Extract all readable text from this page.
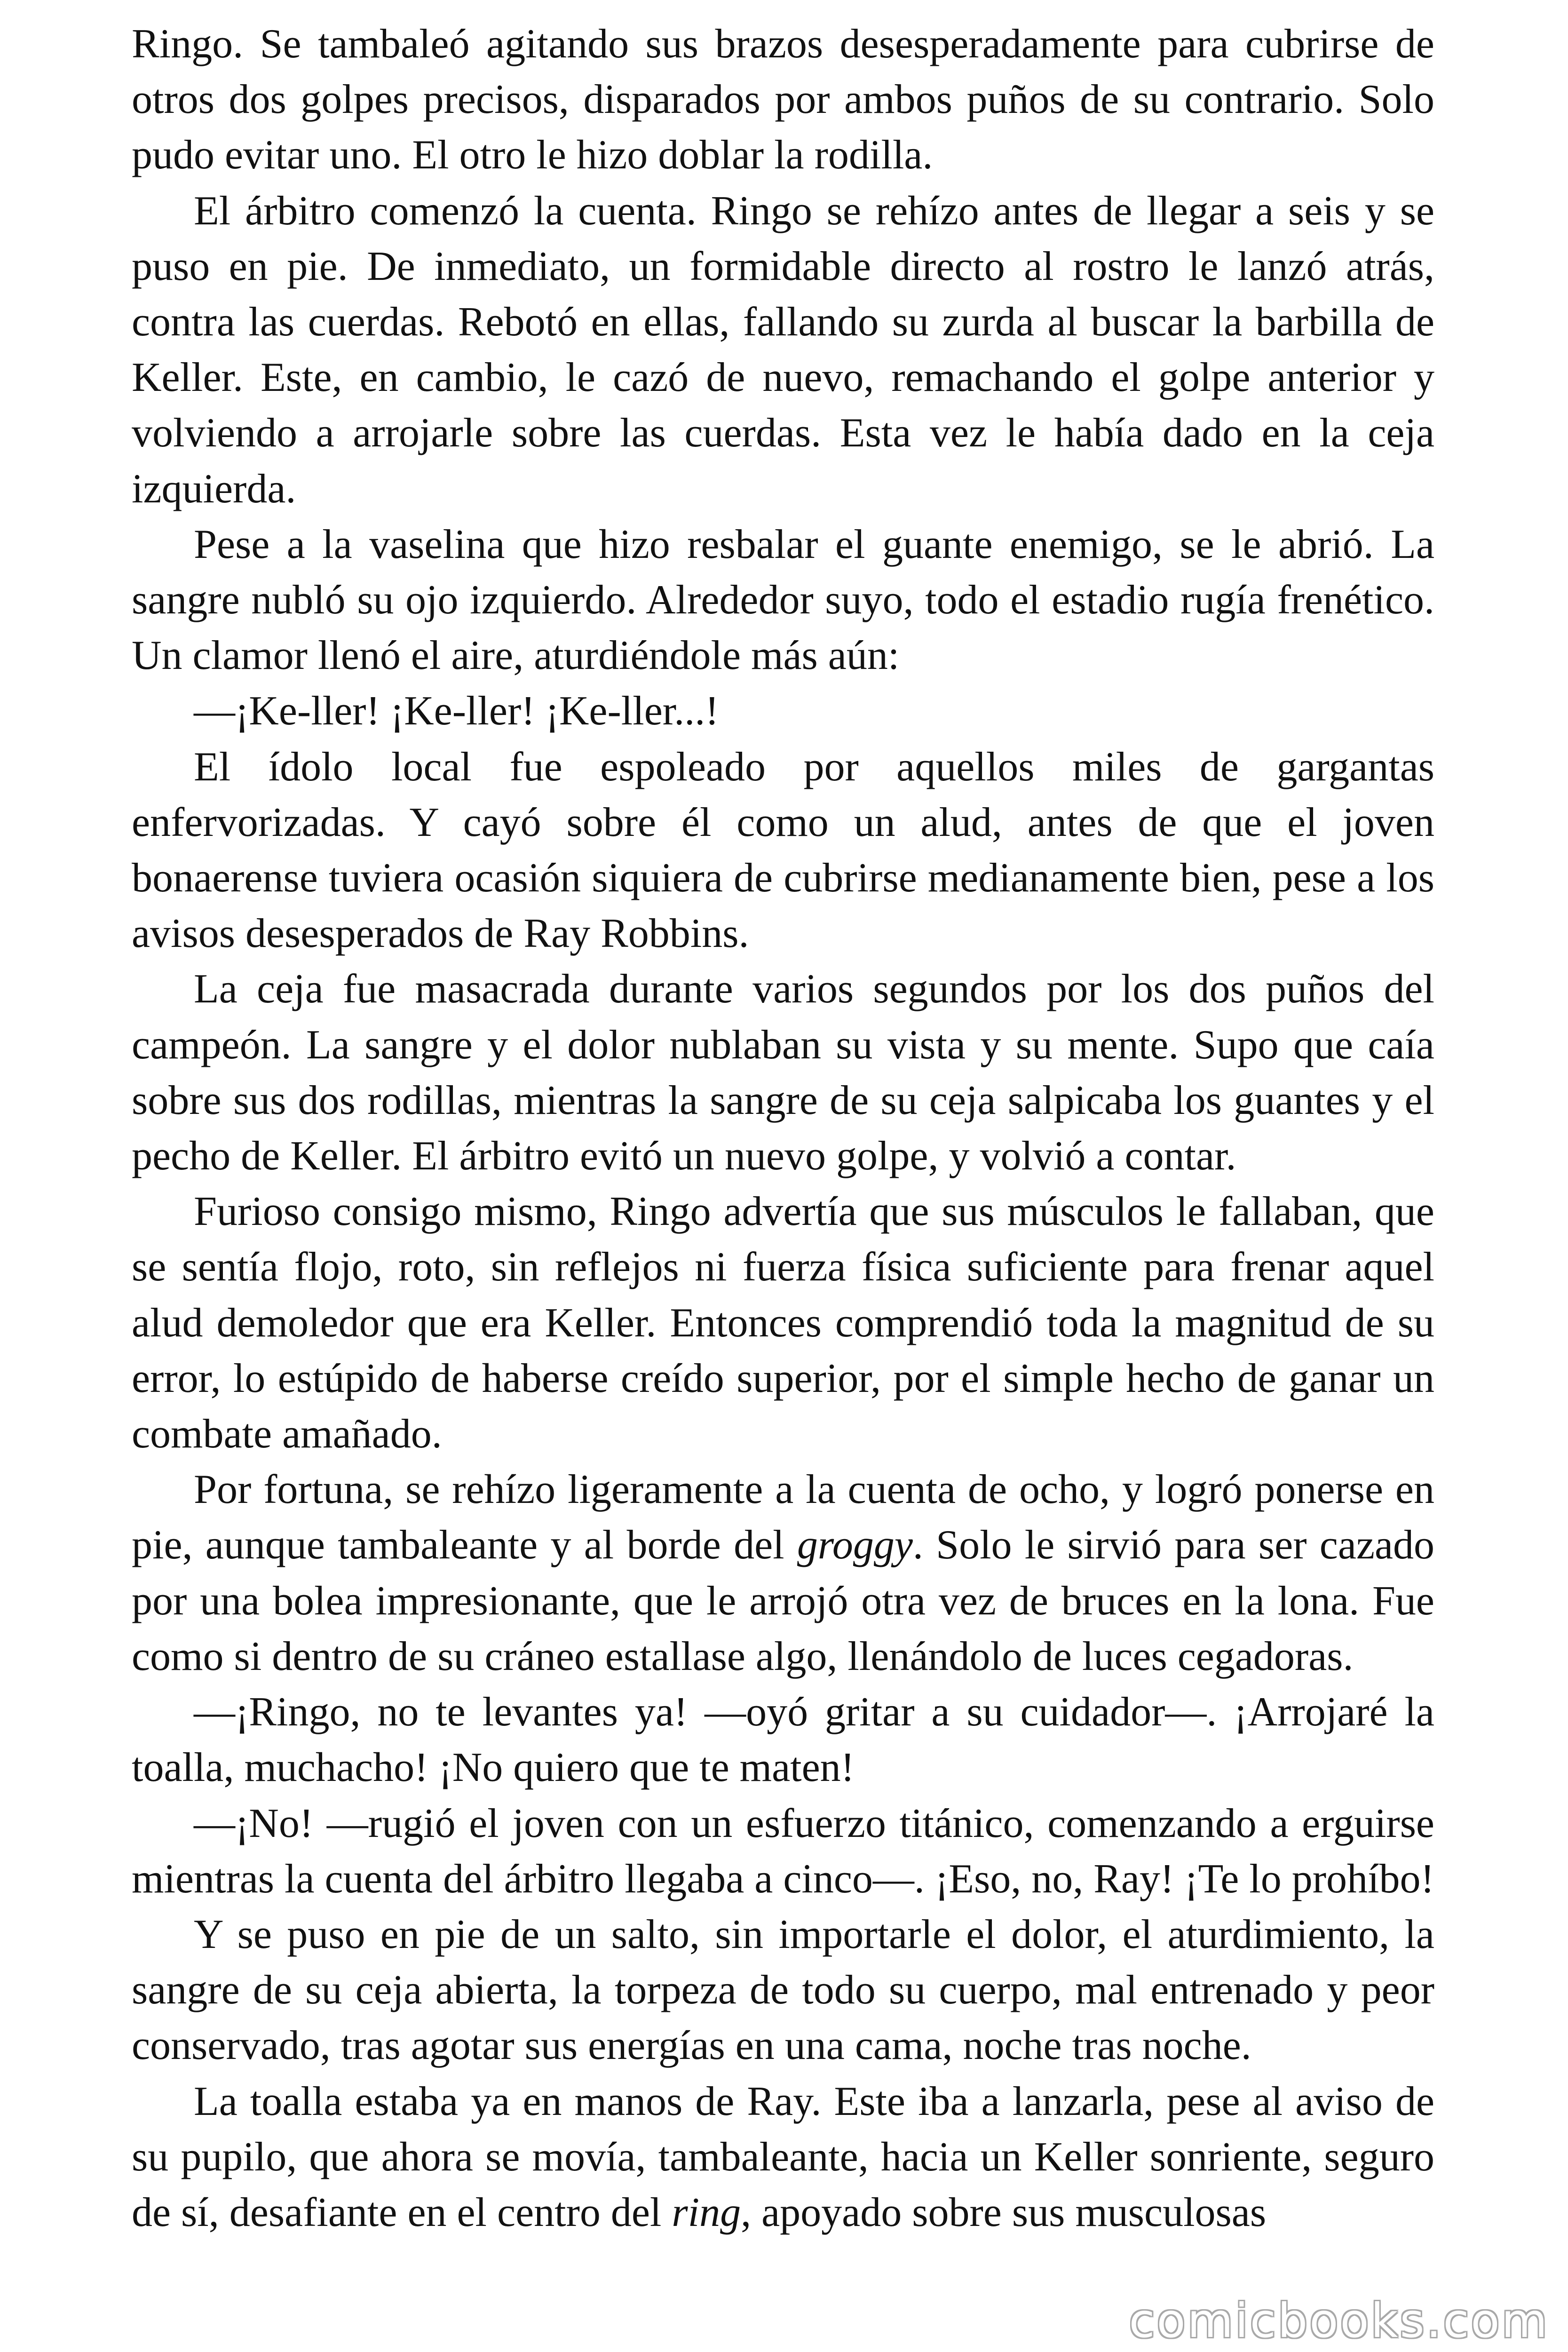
Ringo. Se tambaleó agitando sus brazos desesperadamente para cubrirse de otros dos golpes precisos, disparados por ambos puños de su contrario. Solo pudo evitar uno. El otro le hizo doblar la rodilla.

El árbitro comenzó la cuenta. Ringo se rehízo antes de llegar a seis y se puso en pie. De inmediato, un formidable directo al rostro le lanzó atrás, contra las cuerdas. Rebotó en ellas, fallando su zurda al buscar la barbilla de Keller. Este, en cambio, le cazó de nuevo, remachando el golpe anterior y volviendo a arrojarle sobre las cuerdas. Esta vez le había dado en la ceja izquierda.

Pese a la vaselina que hizo resbalar el guante enemigo, se le abrió. La sangre nubló su ojo izquierdo. Alrededor suyo, todo el estadio rugía frenético. Un clamor llenó el aire, aturdiéndole más aún:

—¡Ke-ller! ¡Ke-ller! ¡Ke-ller...!

El ídolo local fue espoleado por aquellos miles de gargantas enfervorizadas. Y cayó sobre él como un alud, antes de que el joven bonaerense tuviera ocasión siquiera de cubrirse medianamente bien, pese a los avisos desesperados de Ray Robbins.

La ceja fue masacrada durante varios segundos por los dos puños del campeón. La sangre y el dolor nublaban su vista y su mente. Supo que caía sobre sus dos rodillas, mientras la sangre de su ceja salpicaba los guantes y el pecho de Keller. El árbitro evitó un nuevo golpe, y volvió a contar.

Furioso consigo mismo, Ringo advertía que sus músculos le fallaban, que se sentía flojo, roto, sin reflejos ni fuerza física suficiente para frenar aquel alud demoledor que era Keller. Entonces comprendió toda la magnitud de su error, lo estúpido de haberse creído superior, por el simple hecho de ganar un combate amañado.

Por fortuna, se rehízo ligeramente a la cuenta de ocho, y logró ponerse en pie, aunque tambaleante y al borde del groggy. Solo le sirvió para ser cazado por una bolea impresionante, que le arrojó otra vez de bruces en la lona. Fue como si dentro de su cráneo estallase algo, llenándolo de luces cegadoras.

—¡Ringo, no te levantes ya! —oyó gritar a su cuidador—. ¡Arrojaré la toalla, muchacho! ¡No quiero que te maten!

—¡No! —rugió el joven con un esfuerzo titánico, comenzando a erguirse mientras la cuenta del árbitro llegaba a cinco—. ¡Eso, no, Ray! ¡Te lo prohíbo!

Y se puso en pie de un salto, sin importarle el dolor, el aturdimiento, la sangre de su ceja abierta, la torpeza de todo su cuerpo, mal entrenado y peor conservado, tras agotar sus energías en una cama, noche tras noche.

La toalla estaba ya en manos de Ray. Este iba a lanzarla, pese al aviso de su pupilo, que ahora se movía, tambaleante, hacia un Keller sonriente, seguro de sí, desafiante en el centro del ring, apoyado sobre sus musculosas

comicbooks.com
